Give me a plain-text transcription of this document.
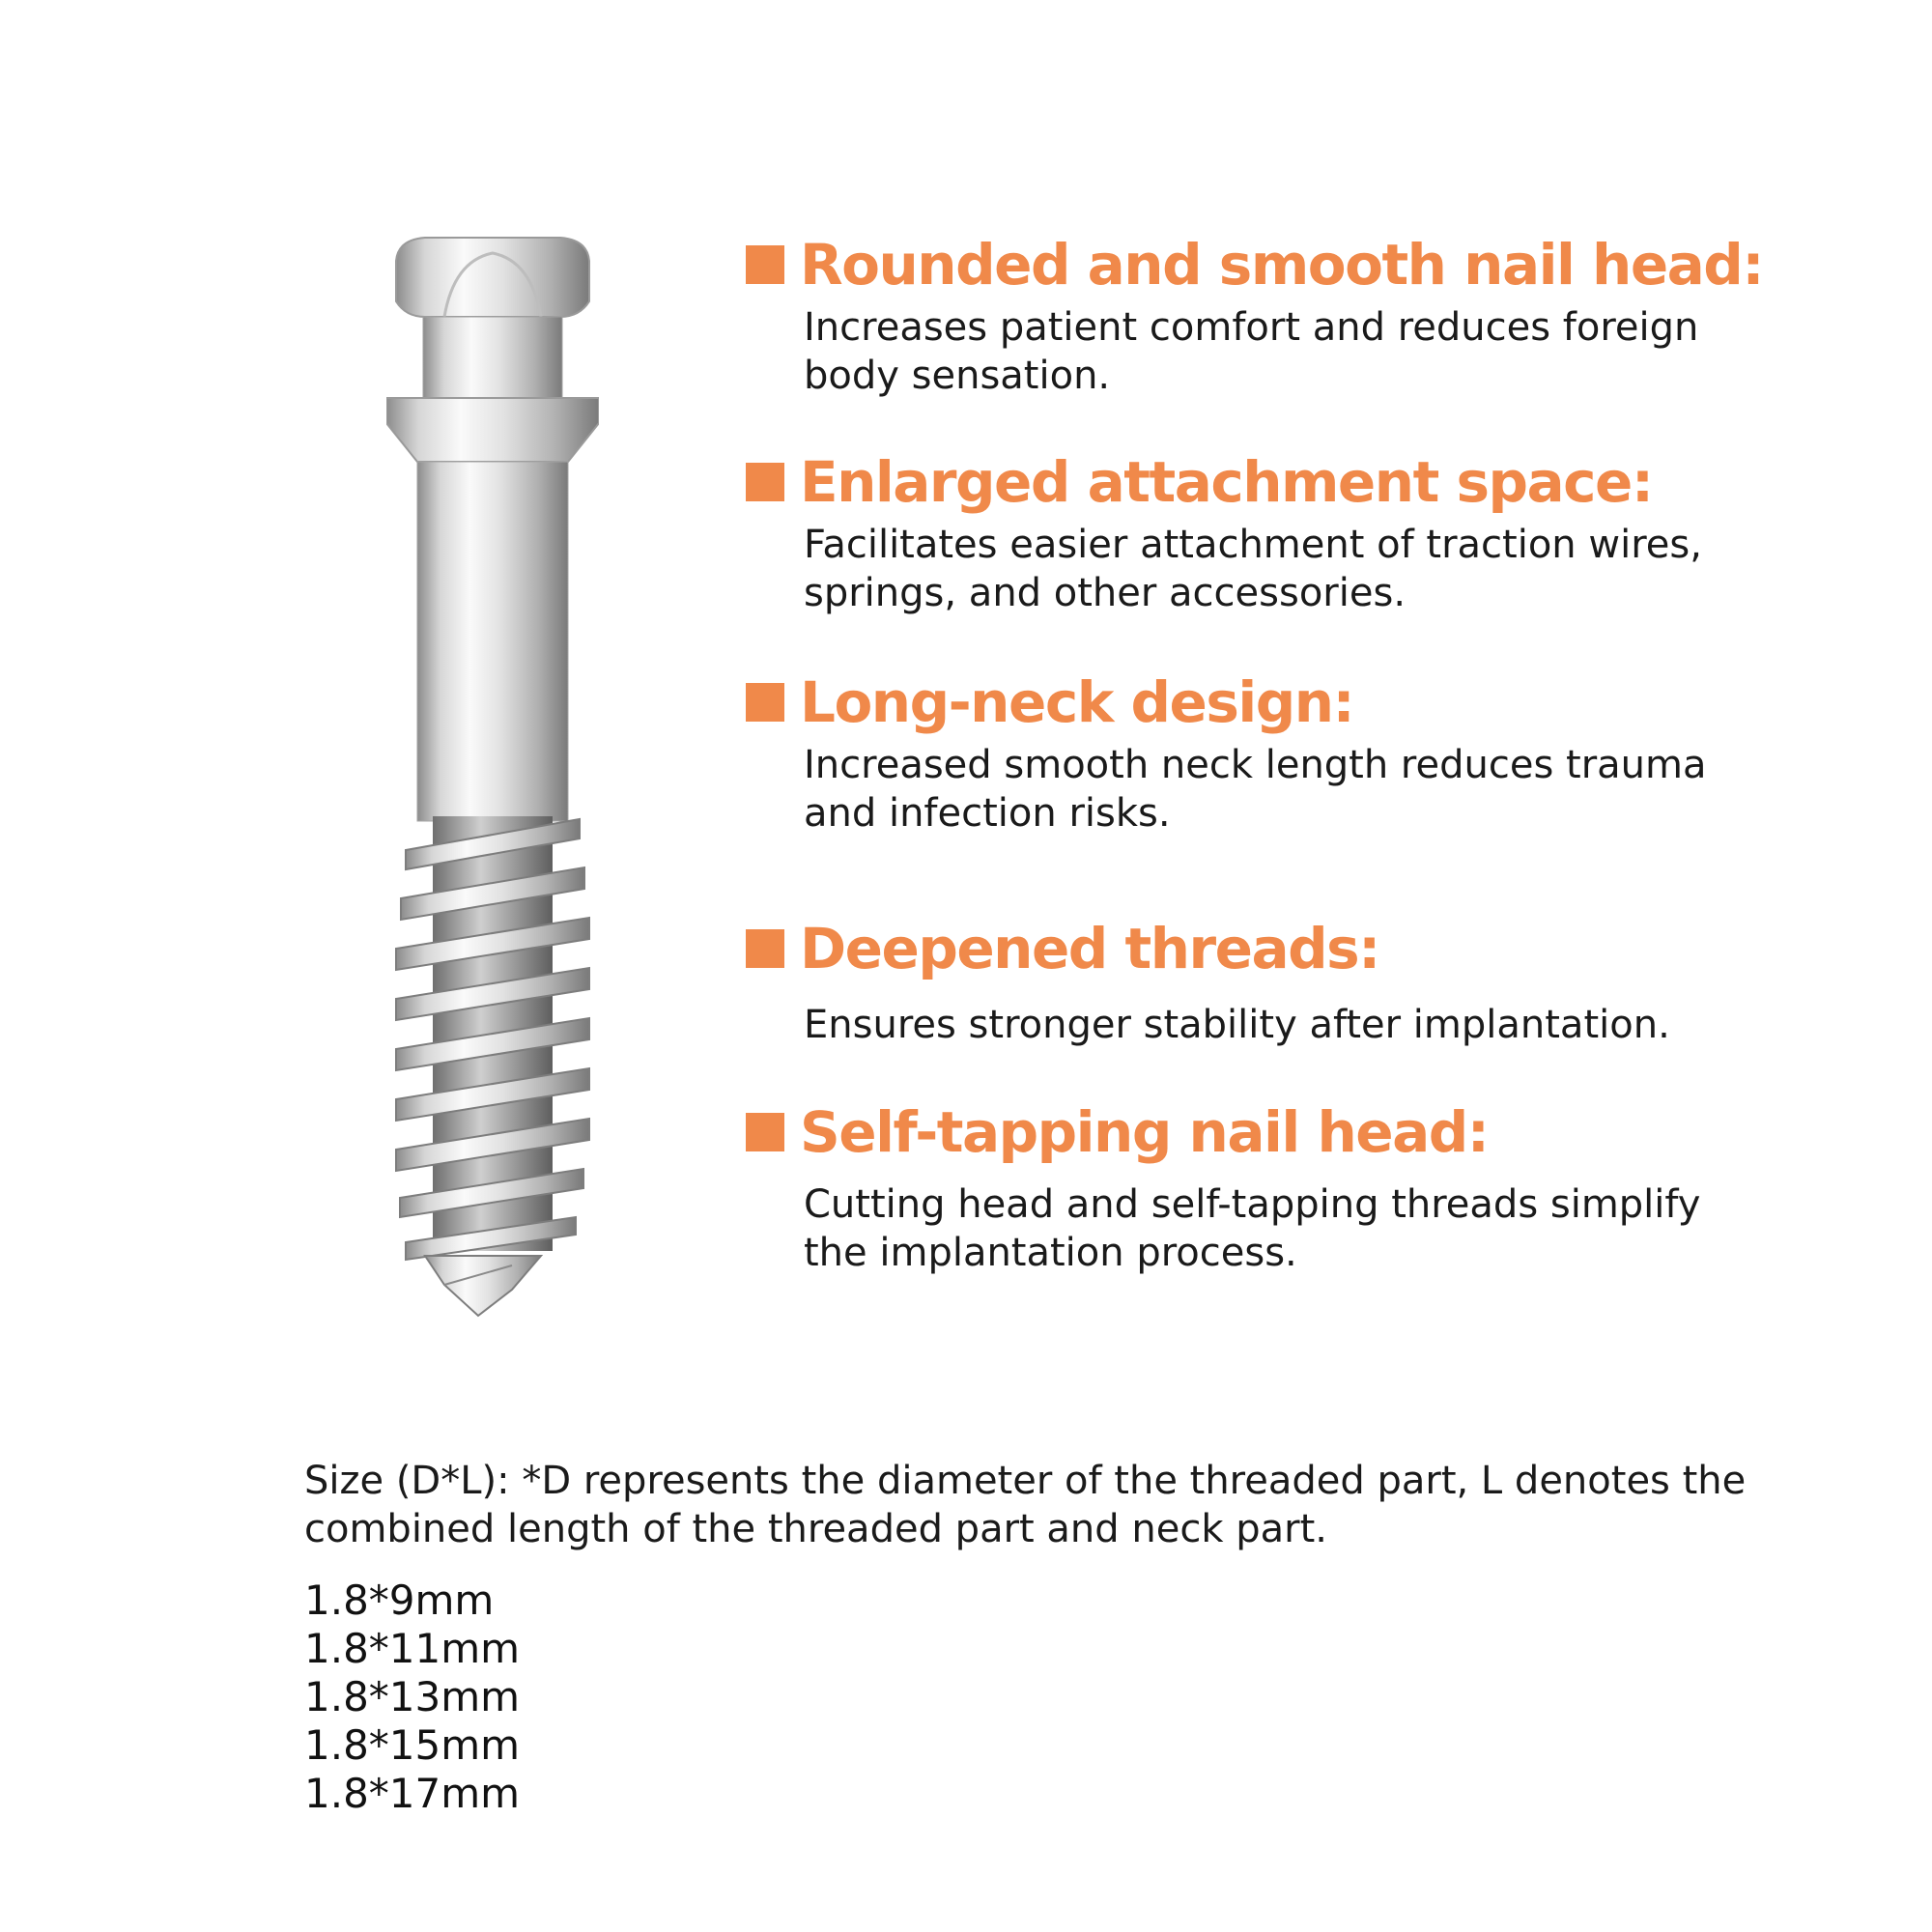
Rounded and smooth nail head:
Increases patient comfort and reduces foreign body sensation.
Enlarged attachment space:
Facilitates easier attachment of traction wires, springs, and other accessories.
Long-neck design:
Increased smooth neck length reduces trauma and infection risks.
Deepened threads:
Ensures stronger stability after implantation.
Self-tapping nail head:
Cutting head and self-tapping threads simplify the implantation process.
Size (D*L): *D represents the diameter of the threaded part, L denotes the combined length of the threaded part and neck part.
1.8*9mm
1.8*11mm
1.8*13mm
1.8*15mm
1.8*17mm
